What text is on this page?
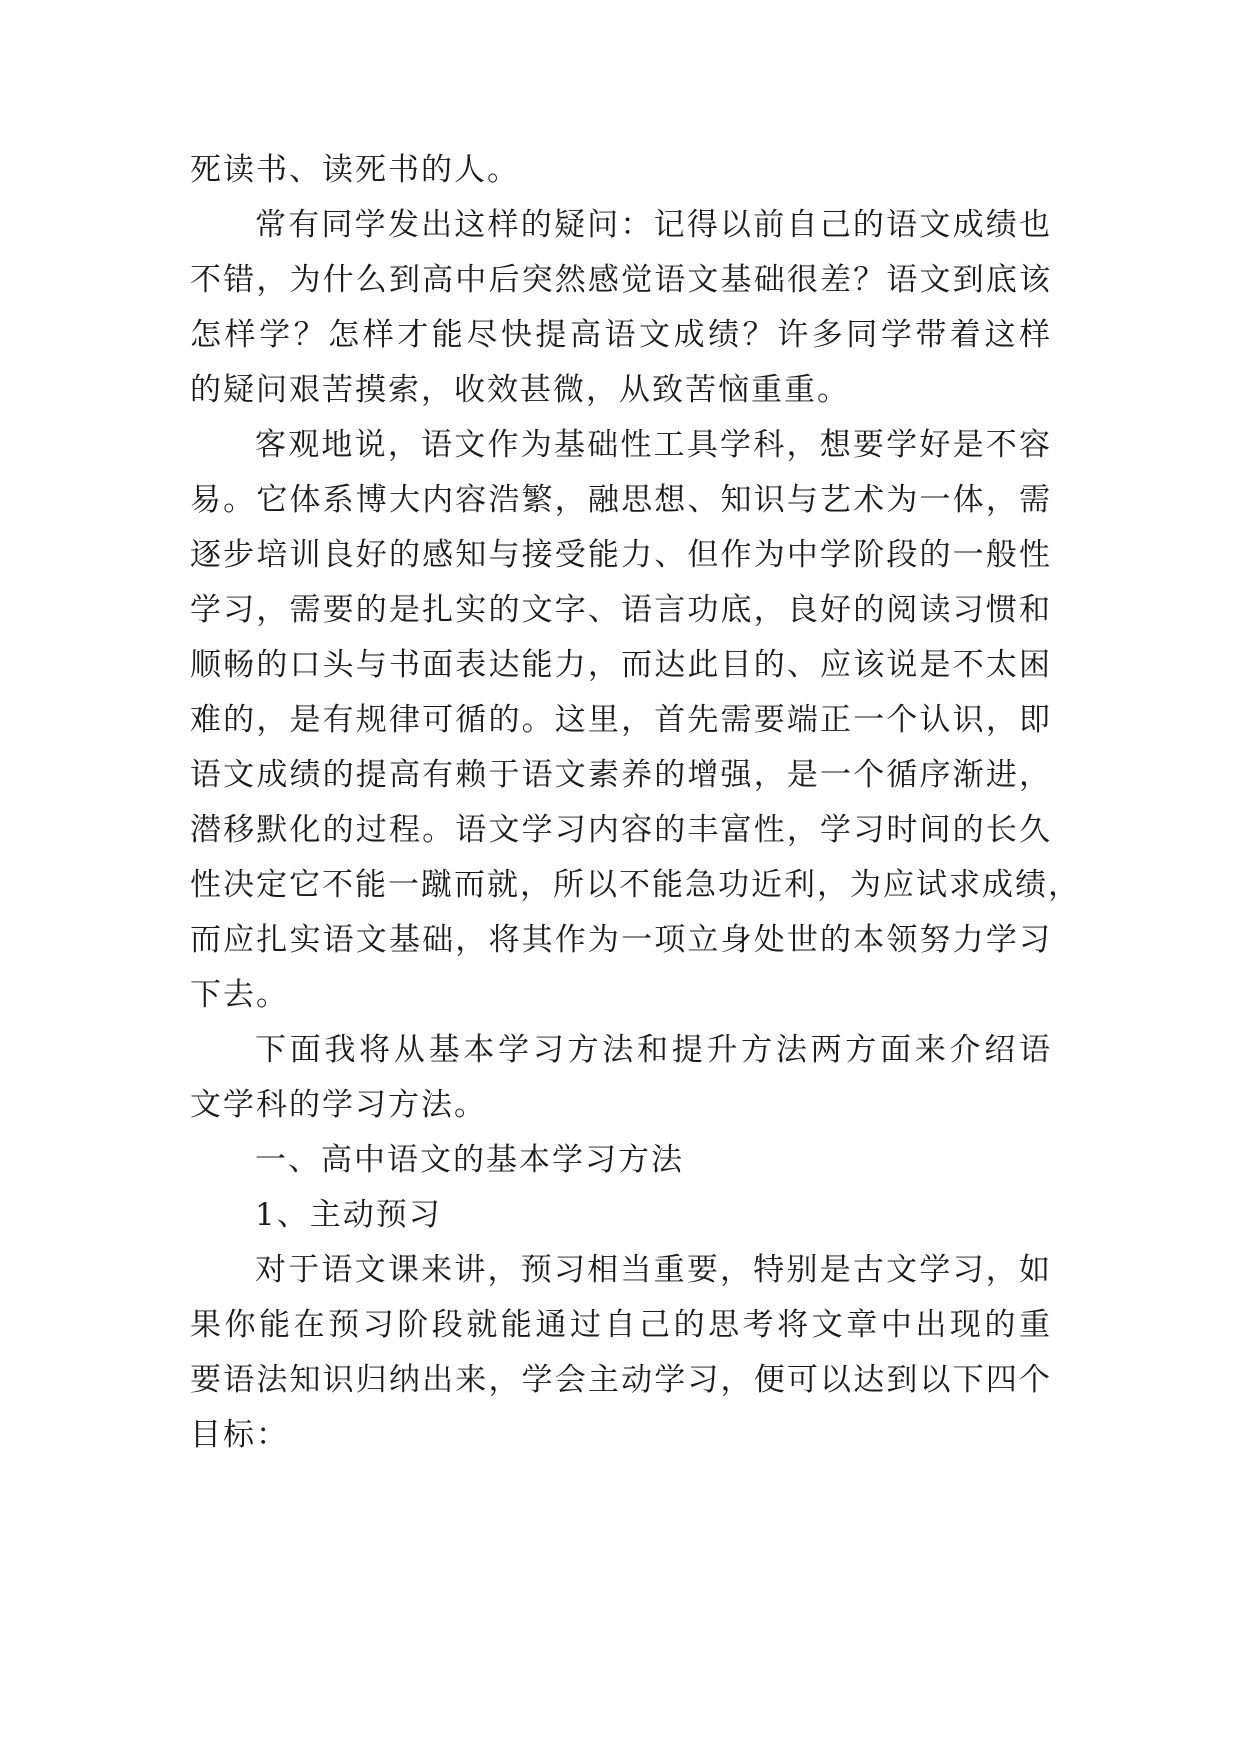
死读书、读死书的人。
常有同学发出这样的疑问：记得以前自己的语文成绩也
不错，为什么到高中后突然感觉语文基础很差？语文到底该
怎样学？怎样才能尽快提高语文成绩？许多同学带着这样
的疑问艰苦摸索，收效甚微，从致苦恼重重。
客观地说，语文作为基础性工具学科，想要学好是不容
易。它体系博大内容浩繁，融思想、知识与艺术为一体，需
逐步培训良好的感知与接受能力、但作为中学阶段的一般性
学习，需要的是扎实的文字、语言功底，良好的阅读习惯和
顺畅的口头与书面表达能力，而达此目的、应该说是不太困
难的，是有规律可循的。这里，首先需要端正一个认识，即
语文成绩的提高有赖于语文素养的增强，是一个循序渐进，
潜移默化的过程。语文学习内容的丰富性，学习时间的长久
性决定它不能一蹴而就，所以不能急功近利，为应试求成绩，
而应扎实语文基础，将其作为一项立身处世的本领努力学习
下去。
下面我将从基本学习方法和提升方法两方面来介绍语
文学科的学习方法。
一、高中语文的基本学习方法
1、主动预习
对于语文课来讲，预习相当重要，特别是古文学习，如
果你能在预习阶段就能通过自己的思考将文章中出现的重
要语法知识归纳出来，学会主动学习，便可以达到以下四个
目标：
